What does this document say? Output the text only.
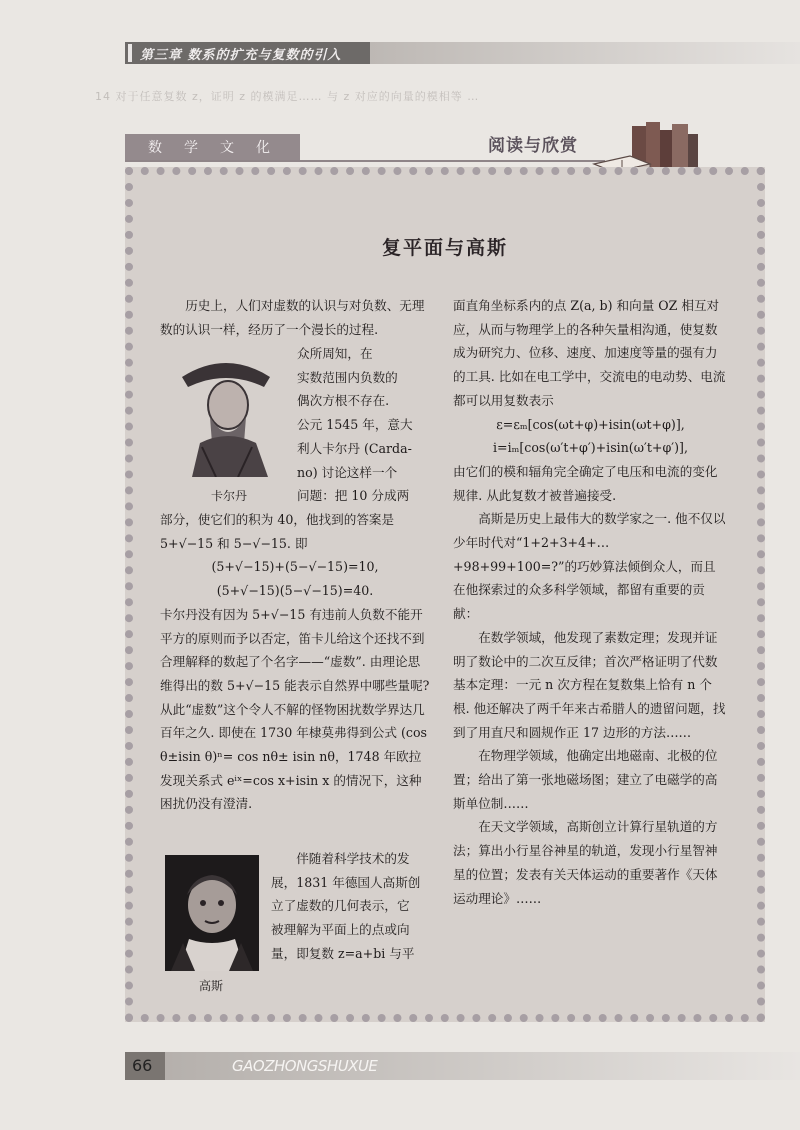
第三章 数系的扩充与复数的引入
14 对于任意复数 z，证明 z 的模满足…… 与 z 对应的向量的模相等 …
数学文化	阅读与欣赏
复平面与高斯

历史上，人们对虚数的认识与对负数、无理数的认识一样，经历了一个漫长的过程.

卡尔丹
众所周知，在
实数范围内负数的
偶次方根不存在.
公元 1545 年，意大
利人卡尔丹 (Carda-
no) 讨论这样一个
问题：把 10 分成两

部分，使它们的积为 40，他找到的答案是 5+√−15 和 5−√−15. 即

(5+√−15)+(5−√−15)=10,

(5+√−15)(5−√−15)=40.

卡尔丹没有因为 5+√−15 有违前人负数不能开平方的原则而予以否定，笛卡儿给这个还找不到合理解释的数起了个名字——“虚数”. 由理论思维得出的数 5+√−15 能表示自然界中哪些量呢? 从此“虚数”这个令人不解的怪物困扰数学界达几百年之久. 即使在 1730 年棣莫弗得到公式 (cos θ±isin θ)ⁿ= cos nθ± isin nθ，1748 年欧拉发现关系式 eⁱˣ=cos x+isin x 的情况下，这种困扰仍没有澄清.

高斯
伴随着科学技术的发
展，1831 年德国人高斯创
立了虚数的几何表示，它
被理解为平面上的点或向
量，即复数 z=a+bi 与平

面直角坐标系内的点 Z(a, b) 和向量 OZ 相互对应，从而与物理学上的各种矢量相沟通，使复数成为研究力、位移、速度、加速度等量的强有力的工具. 比如在电工学中，交流电的电动势、电流都可以用复数表示

ε=εₘ[cos(ωt+φ)+isin(ωt+φ)],

i=iₘ[cos(ω′t+φ′)+isin(ω′t+φ′)],

由它们的模和辐角完全确定了电压和电流的变化规律. 从此复数才被普遍接受.

高斯是历史上最伟大的数学家之一. 他不仅以少年时代对“1+2+3+4+…+98+99+100=?”的巧妙算法倾倒众人，而且在他探索过的众多科学领域，都留有重要的贡献：

在数学领域，他发现了素数定理；发现并证明了数论中的二次互反律；首次严格证明了代数基本定理：一元 n 次方程在复数集上恰有 n 个根. 他还解决了两千年来古希腊人的遗留问题，找到了用直尺和圆规作正 17 边形的方法……

在物理学领域，他确定出地磁南、北极的位置；给出了第一张地磁场图；建立了电磁学的高斯单位制……

在天文学领域，高斯创立计算行星轨道的方法；算出小行星谷神星的轨道，发现小行星智神星的位置；发表有关天体运动的重要著作《天体运动理论》……

66	GAOZHONGSHUXUE
